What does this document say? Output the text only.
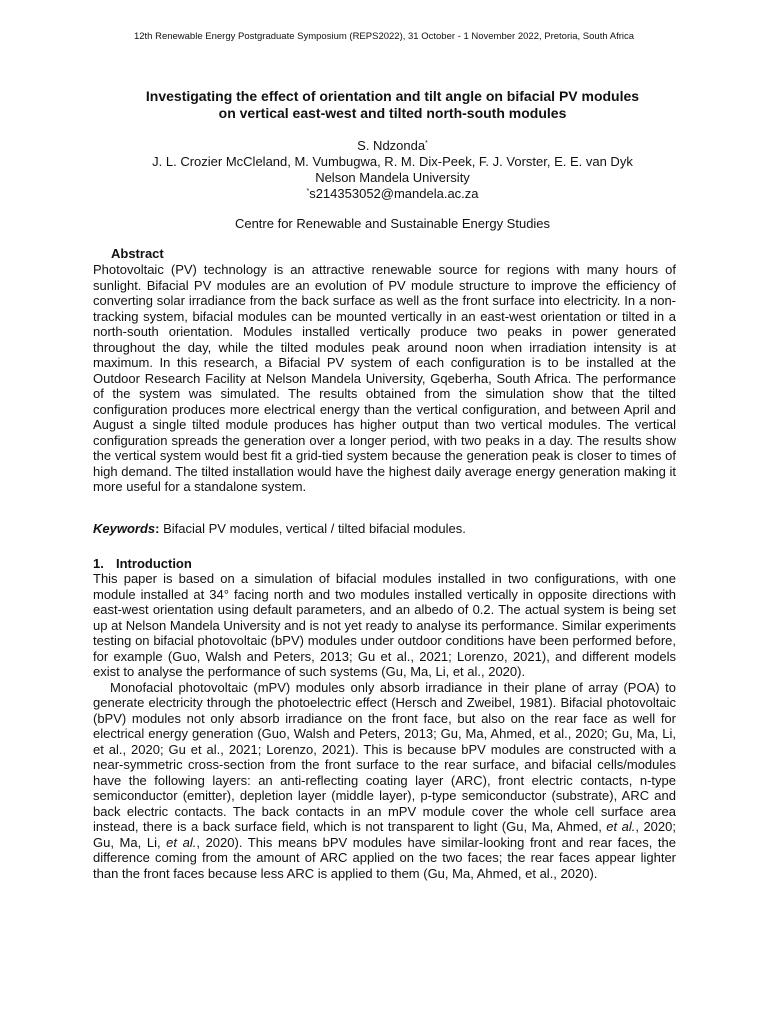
12th Renewable Energy Postgraduate Symposium (REPS2022), 31 October - 1 November 2022, Pretoria, South Africa
Investigating the effect of orientation and tilt angle on bifacial PV modules
on vertical east-west and tilted north-south modules
S. Ndzonda*
J. L. Crozier McCleland, M. Vumbugwa, R. M. Dix-Peek, F. J. Vorster, E. E. van Dyk
Nelson Mandela University
*s214353052@mandela.ac.za
Centre for Renewable and Sustainable Energy Studies
Abstract
Photovoltaic (PV) technology is an attractive renewable source for regions with many hours of sunlight. Bifacial PV modules are an evolution of PV module structure to improve the efficiency of converting solar irradiance from the back surface as well as the front surface into electricity. In a non-tracking system, bifacial modules can be mounted vertically in an east-west orientation or tilted in a north-south orientation. Modules installed vertically produce two peaks in power generated throughout the day, while the tilted modules peak around noon when irradiation intensity is at maximum. In this research, a Bifacial PV system of each configuration is to be installed at the Outdoor Research Facility at Nelson Mandela University, Gqeberha, South Africa. The performance of the system was simulated. The results obtained from the simulation show that the tilted configuration produces more electrical energy than the vertical configuration, and between April and August a single tilted module produces has higher output than two vertical modules. The vertical configuration spreads the generation over a longer period, with two peaks in a day. The results show the vertical system would best fit a grid-tied system because the generation peak is closer to times of high demand. The tilted installation would have the highest daily average energy generation making it more useful for a standalone system.
Keywords: Bifacial PV modules, vertical / tilted bifacial modules.
1. Introduction

This paper is based on a simulation of bifacial modules installed in two configurations, with one module installed at 34° facing north and two modules installed vertically in opposite directions with east-west orientation using default parameters, and an albedo of 0.2. The actual system is being set up at Nelson Mandela University and is not yet ready to analyse its performance. Similar experiments testing on bifacial photovoltaic (bPV) modules under outdoor conditions have been performed before, for example (Guo, Walsh and Peters, 2013; Gu et al., 2021; Lorenzo, 2021), and different models exist to analyse the performance of such systems (Gu, Ma, Li, et al., 2020).

Monofacial photovoltaic (mPV) modules only absorb irradiance in their plane of array (POA) to generate electricity through the photoelectric effect (Hersch and Zweibel, 1981). Bifacial photovoltaic (bPV) modules not only absorb irradiance on the front face, but also on the rear face as well for electrical energy generation (Guo, Walsh and Peters, 2013; Gu, Ma, Ahmed, et al., 2020; Gu, Ma, Li, et al., 2020; Gu et al., 2021; Lorenzo, 2021). This is because bPV modules are constructed with a near-symmetric cross-section from the front surface to the rear surface, and bifacial cells/modules have the following layers: an anti-reflecting coating layer (ARC), front electric contacts, n-type semiconductor (emitter), depletion layer (middle layer), p-type semiconductor (substrate), ARC and back electric contacts. The back contacts in an mPV module cover the whole cell surface area instead, there is a back surface field, which is not transparent to light (Gu, Ma, Ahmed, et al., 2020; Gu, Ma, Li, et al., 2020). This means bPV modules have similar-looking front and rear faces, the difference coming from the amount of ARC applied on the two faces; the rear faces appear lighter than the front faces because less ARC is applied to them (Gu, Ma, Ahmed, et al., 2020).
